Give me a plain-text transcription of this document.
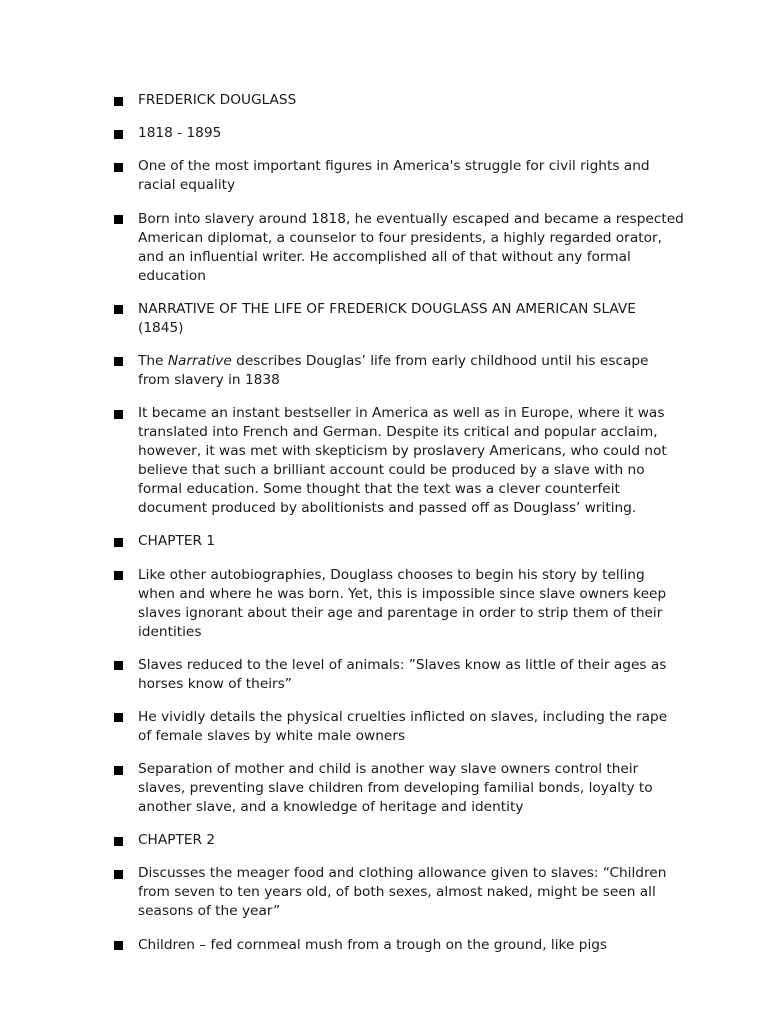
FREDERICK DOUGLASS
1818 - 1895
One of the most important figures in America's struggle for civil rights and racial equality
Born into slavery around 1818, he eventually escaped and became a respected American diplomat, a counselor to four presidents, a highly regarded orator, and an influential writer. He accomplished all of that without any formal education
NARRATIVE OF THE LIFE OF FREDERICK DOUGLASS AN AMERICAN SLAVE (1845)
The Narrative describes Douglas’ life from early childhood until his escape from slavery in 1838
It became an instant bestseller in America as well as in Europe, where it was translated into French and German. Despite its critical and popular acclaim, however, it was met with skepticism by proslavery Americans, who could not believe that such a brilliant account could be produced by a slave with no formal education. Some thought that the text was a clever counterfeit document produced by abolitionists and passed off as Douglass’ writing.
CHAPTER 1
Like other autobiographies, Douglass chooses to begin his story by telling when and where he was born. Yet, this is impossible since slave owners keep slaves ignorant about their age and parentage in order to strip them of their identities
Slaves reduced to the level of animals: ”Slaves know as little of their ages as horses know of theirs”
He vividly details the physical cruelties inflicted on slaves, including the rape of female slaves by white male owners
Separation of mother and child is another way slave owners control their slaves, preventing slave children from developing familial bonds, loyalty to another slave, and a knowledge of heritage and identity
CHAPTER 2
Discusses the meager food and clothing allowance given to slaves: “Children from seven to ten years old, of both sexes, almost naked, might be seen all seasons of the year”
Children – fed cornmeal mush from a trough on the ground, like pigs
